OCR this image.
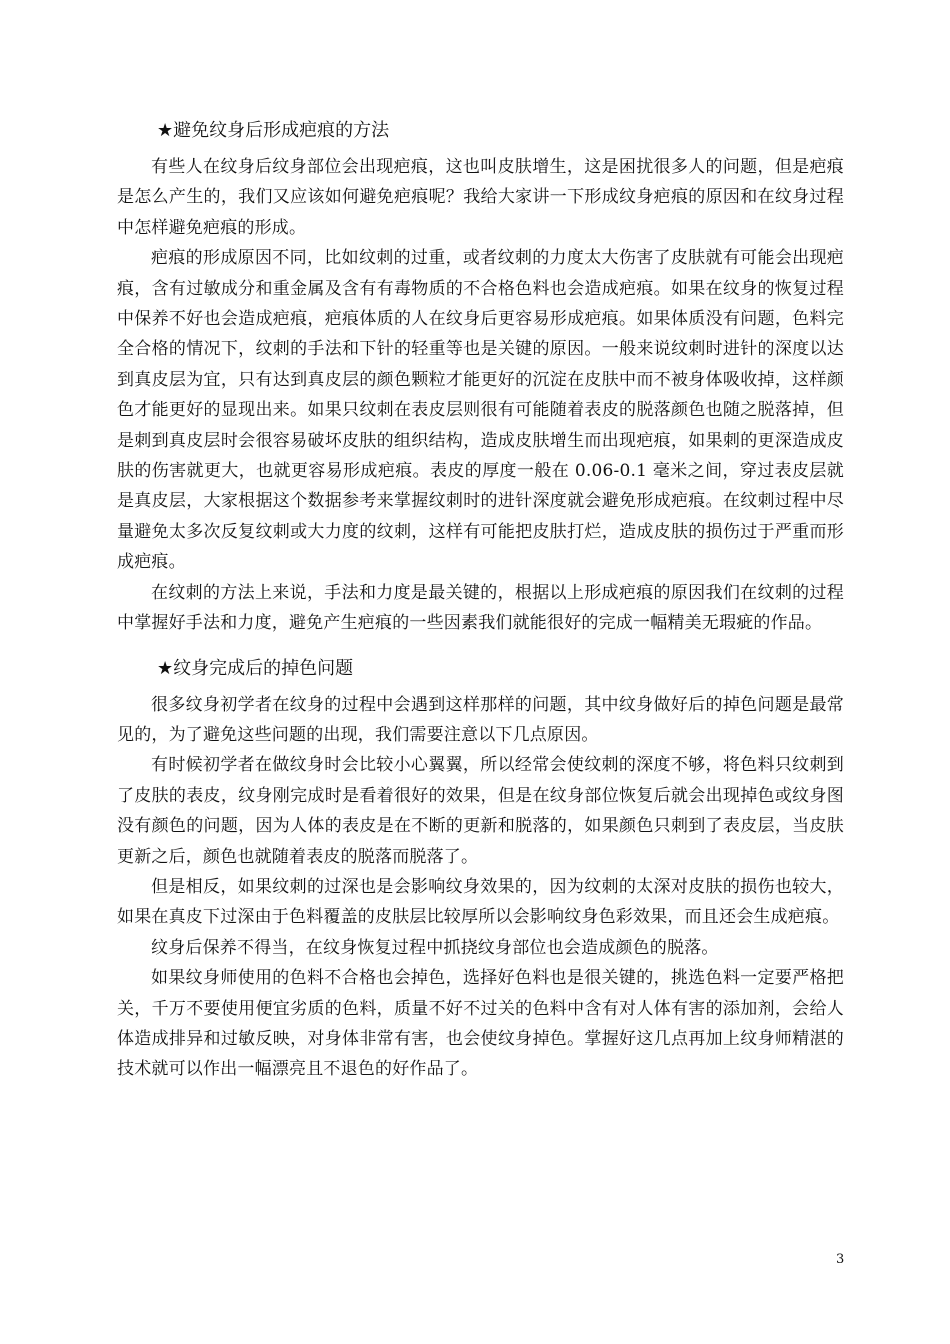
★避免纹身后形成疤痕的方法

有些人在纹身后纹身部位会出现疤痕，这也叫皮肤增生，这是困扰很多人的问题，但是疤痕是怎么产生的，我们又应该如何避免疤痕呢？我给大家讲一下形成纹身疤痕的原因和在纹身过程中怎样避免疤痕的形成。

疤痕的形成原因不同，比如纹刺的过重，或者纹刺的力度太大伤害了皮肤就有可能会出现疤痕，含有过敏成分和重金属及含有有毒物质的不合格色料也会造成疤痕。如果在纹身的恢复过程中保养不好也会造成疤痕，疤痕体质的人在纹身后更容易形成疤痕。如果体质没有问题，色料完全合格的情况下，纹刺的手法和下针的轻重等也是关键的原因。一般来说纹刺时进针的深度以达到真皮层为宜，只有达到真皮层的颜色颗粒才能更好的沉淀在皮肤中而不被身体吸收掉，这样颜色才能更好的显现出来。如果只纹刺在表皮层则很有可能随着表皮的脱落颜色也随之脱落掉，但是刺到真皮层时会很容易破坏皮肤的组织结构，造成皮肤增生而出现疤痕，如果刺的更深造成皮肤的伤害就更大，也就更容易形成疤痕。表皮的厚度一般在 0.06-0.1 毫米之间，穿过表皮层就是真皮层，大家根据这个数据参考来掌握纹刺时的进针深度就会避免形成疤痕。在纹刺过程中尽量避免太多次反复纹刺或大力度的纹刺，这样有可能把皮肤打烂，造成皮肤的损伤过于严重而形成疤痕。

在纹刺的方法上来说，手法和力度是最关键的，根据以上形成疤痕的原因我们在纹刺的过程中掌握好手法和力度，避免产生疤痕的一些因素我们就能很好的完成一幅精美无瑕疵的作品。

★纹身完成后的掉色问题

很多纹身初学者在纹身的过程中会遇到这样那样的问题，其中纹身做好后的掉色问题是最常见的，为了避免这些问题的出现，我们需要注意以下几点原因。

有时候初学者在做纹身时会比较小心翼翼，所以经常会使纹刺的深度不够，将色料只纹刺到了皮肤的表皮，纹身刚完成时是看着很好的效果，但是在纹身部位恢复后就会出现掉色或纹身图没有颜色的问题，因为人体的表皮是在不断的更新和脱落的，如果颜色只刺到了表皮层，当皮肤更新之后，颜色也就随着表皮的脱落而脱落了。

但是相反，如果纹刺的过深也是会影响纹身效果的，因为纹刺的太深对皮肤的损伤也较大，如果在真皮下过深由于色料覆盖的皮肤层比较厚所以会影响纹身色彩效果，而且还会生成疤痕。

纹身后保养不得当，在纹身恢复过程中抓挠纹身部位也会造成颜色的脱落。

如果纹身师使用的色料不合格也会掉色，选择好色料也是很关键的，挑选色料一定要严格把关，千万不要使用便宜劣质的色料，质量不好不过关的色料中含有对人体有害的添加剂，会给人体造成排异和过敏反映，对身体非常有害，也会使纹身掉色。掌握好这几点再加上纹身师精湛的技术就可以作出一幅漂亮且不退色的好作品了。

3
